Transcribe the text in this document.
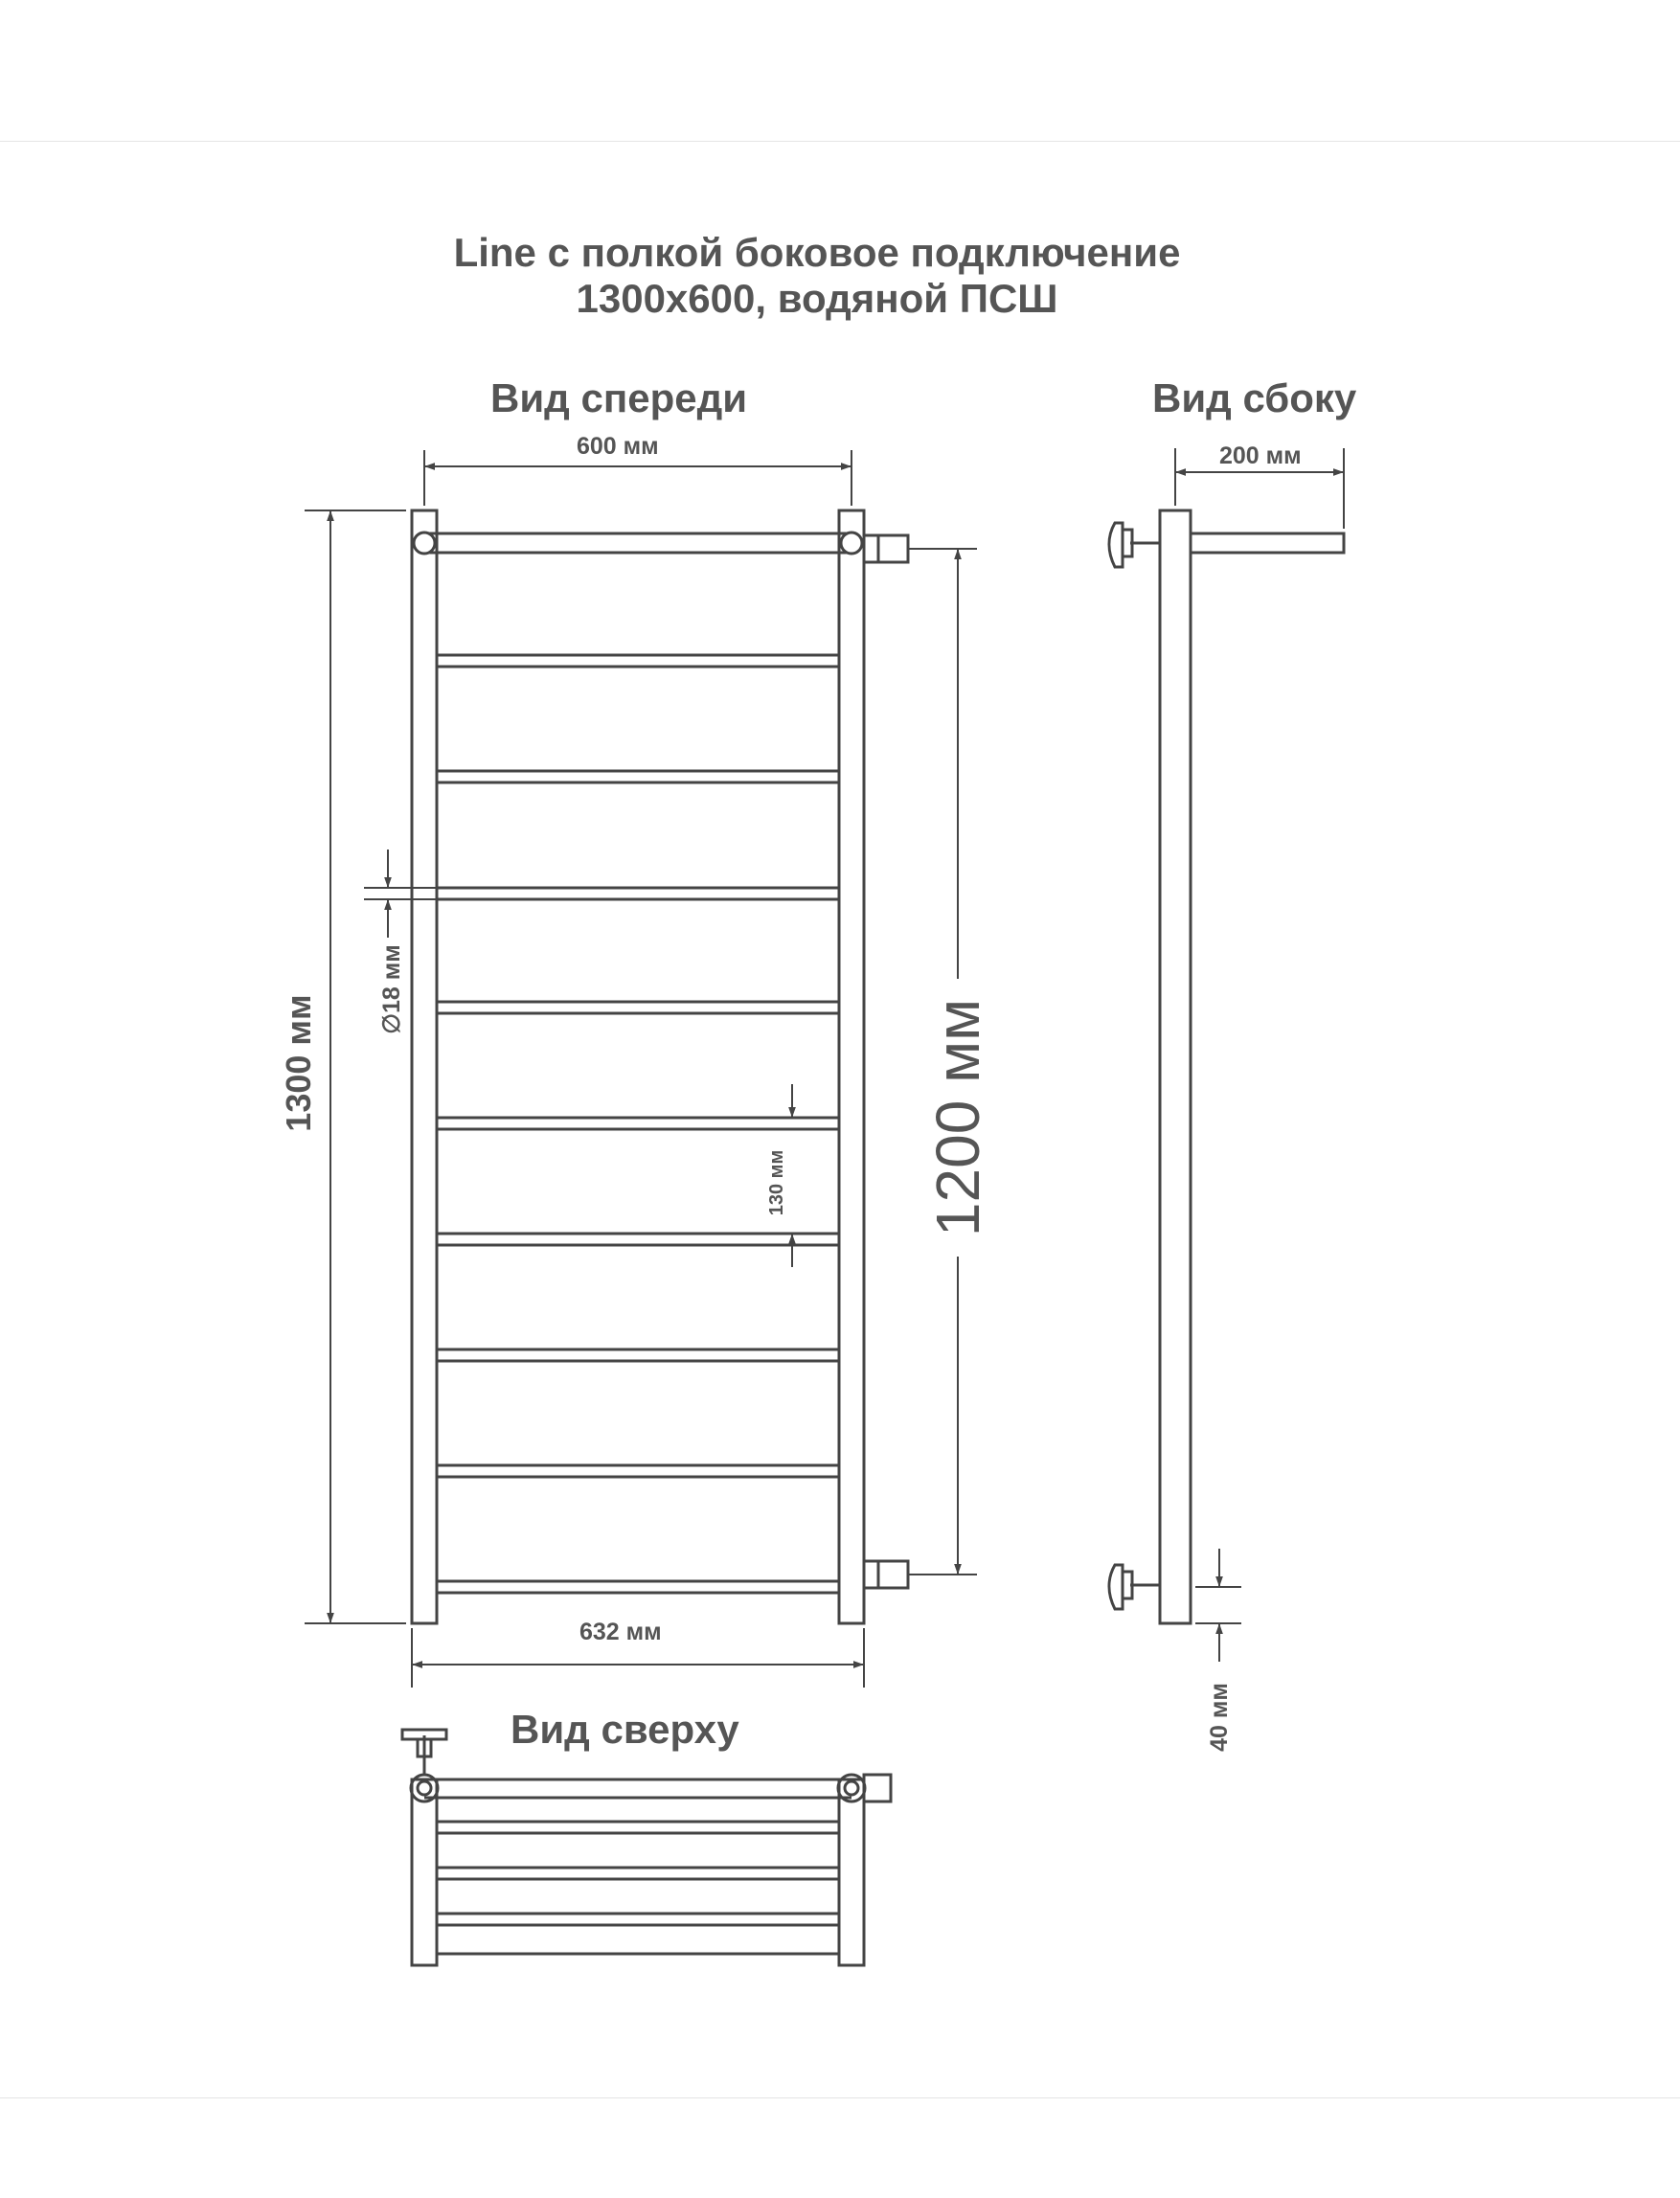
Line с полкой боковое подключение
1300x600, водяной ПСШ
Вид спереди	Вид сбоку
Вид сверху
600 мм	200 мм
632 мм
1300 мм
∅18 мм
130 мм 1200 мм
40 мм
